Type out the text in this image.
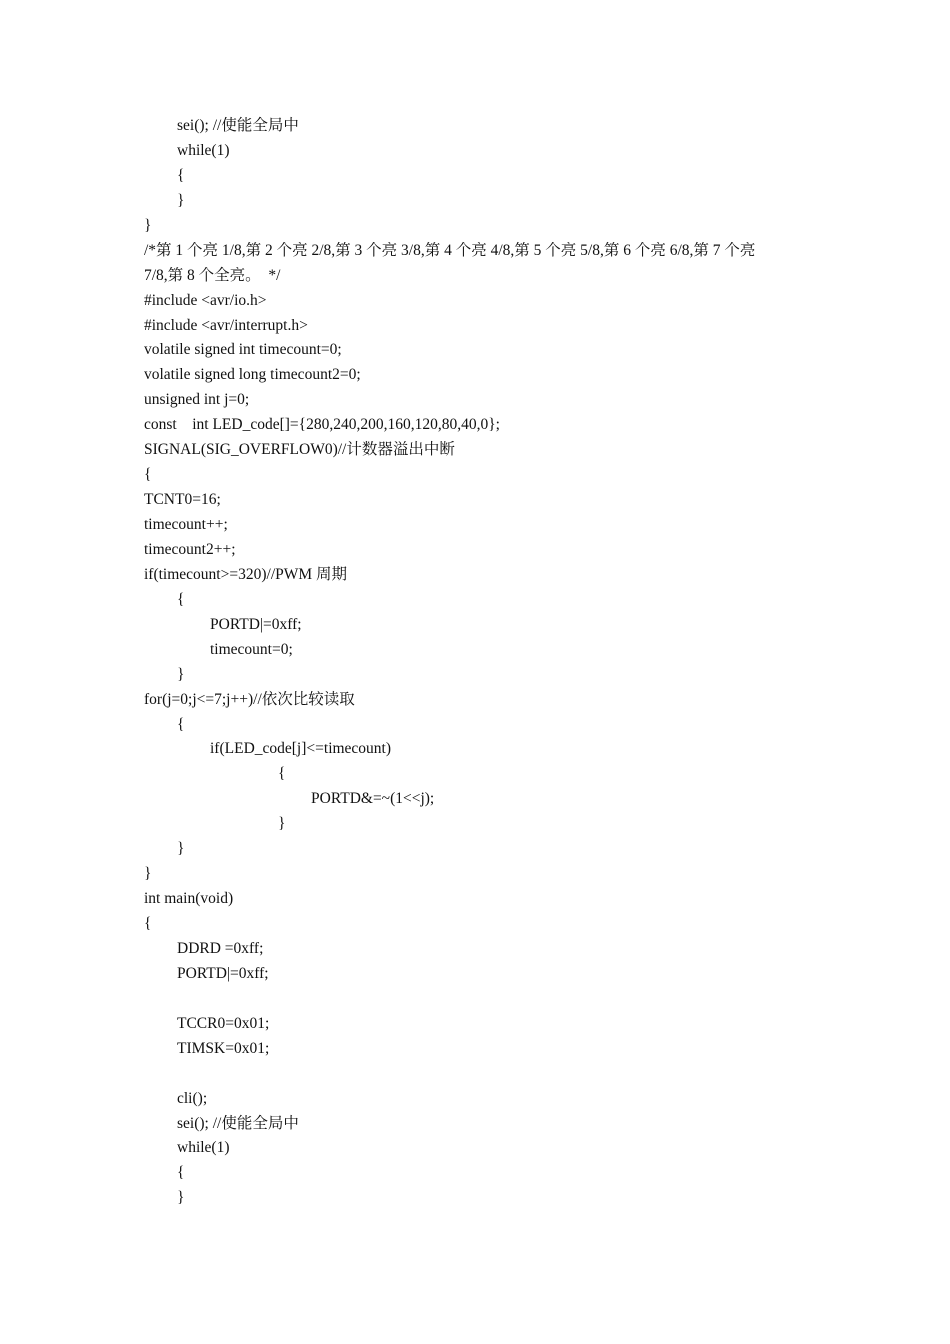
sei(); //使能全局中
while(1)
{
}
}
/*第 1 个亮 1/8,第 2 个亮 2/8,第 3 个亮 3/8,第 4 个亮 4/8,第 5 个亮 5/8,第 6 个亮 6/8,第 7 个亮
7/8,第 8 个全亮。  */
#include <avr/io.h>
#include <avr/interrupt.h>
volatile signed int timecount=0;
volatile signed long timecount2=0;
unsigned int j=0;
const    int LED_code[]={280,240,200,160,120,80,40,0};
SIGNAL(SIG_OVERFLOW0)//计数器溢出中断
{
TCNT0=16;
timecount++;
timecount2++;
if(timecount>=320)//PWM 周期
{
PORTD|=0xff;
timecount=0;
}
for(j=0;j<=7;j++)//依次比较读取
{
if(LED_code[j]<=timecount)
{
PORTD&=~(1<<j);
}
}
}
int main(void)
{
DDRD =0xff;
PORTD|=0xff;
TCCR0=0x01;
TIMSK=0x01;
cli();
sei(); //使能全局中
while(1)
{
}
